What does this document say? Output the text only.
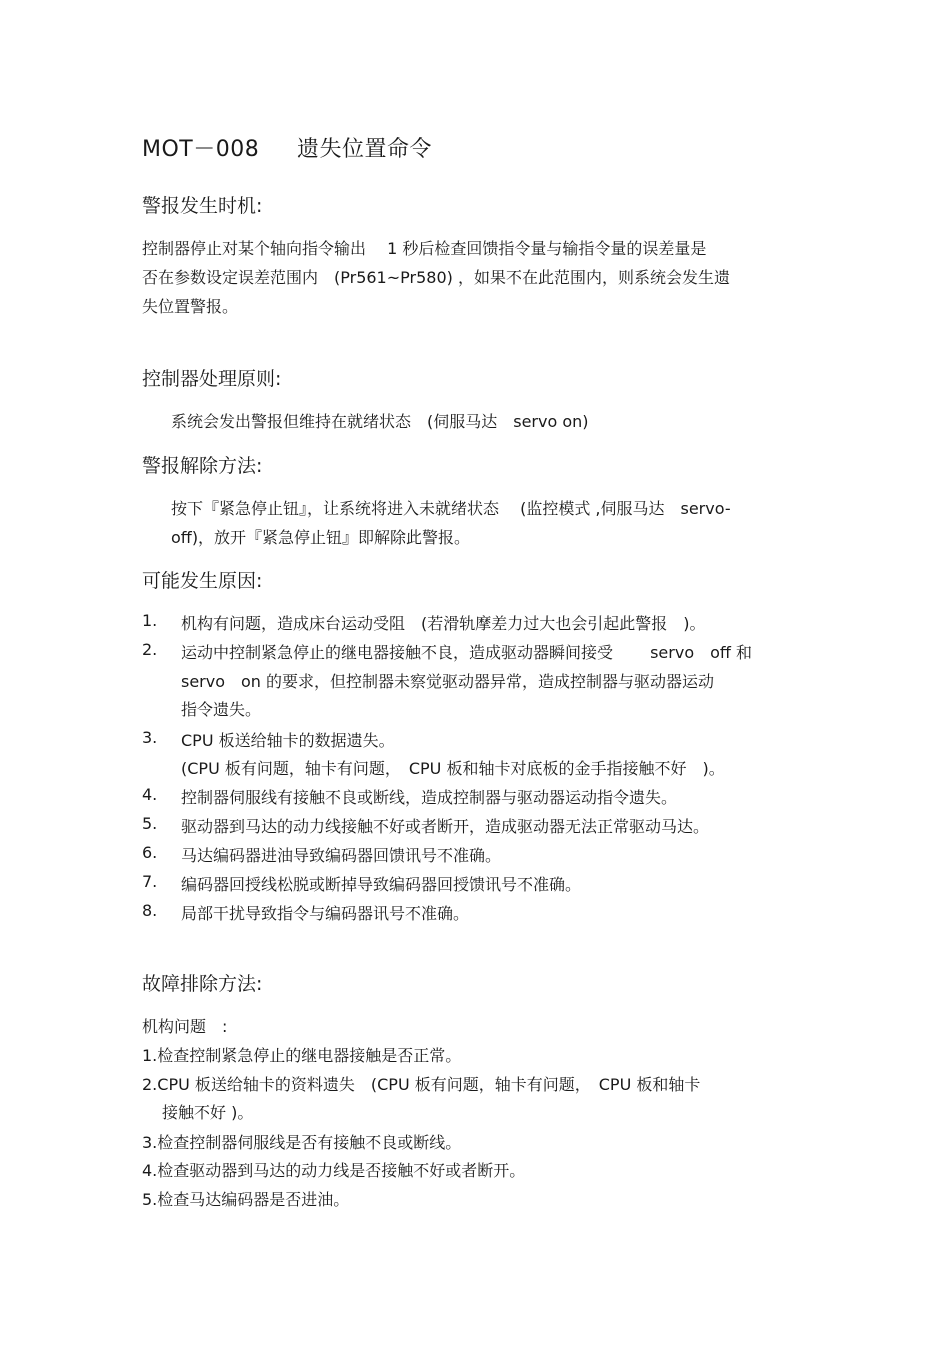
MOT－008 遗失位置命令
警报发生时机:
控制器停止对某个轴向指令输出　 1 秒后检查回馈指令量与输指令量的误差量是
否在参数设定误差范围内　(Pr561~Pr580) ，如果不在此范围内，则系统会发生遗
失位置警报。
控制器处理原则:
系统会发出警报但维持在就绪状态　(伺服马达　servo on)
警报解除方法:
按下『紧急停止钮』，让系统将进入未就绪状态　 (监控模式 ,伺服马达　servo-
off)，放开『紧急停止钮』即解除此警报。
可能发生原因:
1. 机构有问题，造成床台运动受阻　(若滑轨摩差力过大也会引起此警报　)。
2. 运动中控制紧急停止的继电器接触不良，造成驱动器瞬间接受　　 servo　off 和
servo　on 的要求，但控制器未察觉驱动器异常，造成控制器与驱动器运动
指令遗失。
3. CPU 板送给轴卡的数据遗失。
(CPU 板有问题，轴卡有问题，　CPU 板和轴卡对底板的金手指接触不好　)。
4. 控制器伺服线有接触不良或断线，造成控制器与驱动器运动指令遗失。
5. 驱动器到马达的动力线接触不好或者断开，造成驱动器无法正常驱动马达。
6. 马达编码器进油导致编码器回馈讯号不准确。
7. 编码器回授线松脱或断掉导致编码器回授馈讯号不准确。
8. 局部干扰导致指令与编码器讯号不准确。
故障排除方法:
机构问题　:
1.检查控制紧急停止的继电器接触是否正常。
2.CPU 板送给轴卡的资料遗失　(CPU 板有问题，轴卡有问题，　CPU 板和轴卡
接触不好 )。
3.检查控制器伺服线是否有接触不良或断线。
4.检查驱动器到马达的动力线是否接触不好或者断开。
5.检查马达编码器是否进油。
